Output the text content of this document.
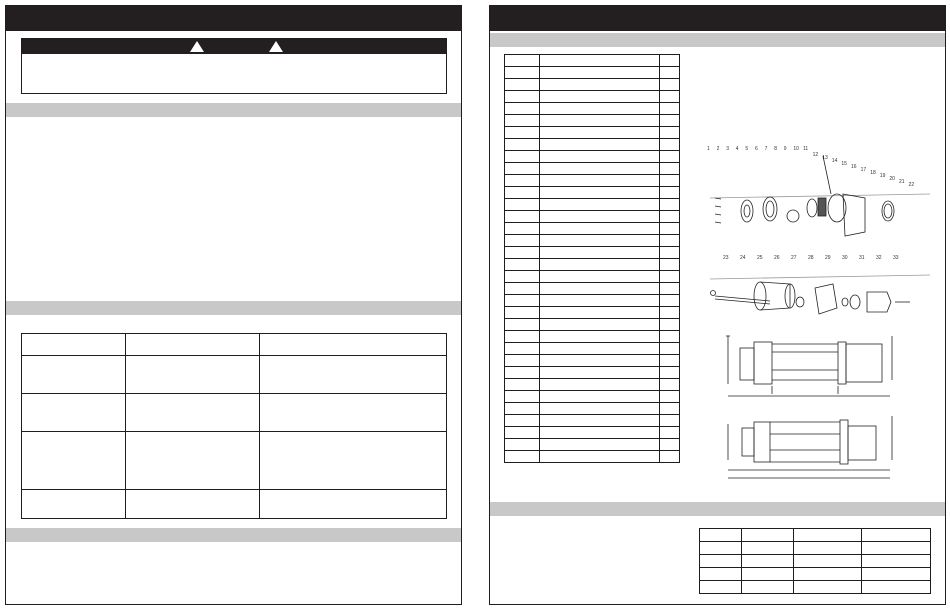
1 2 3 4 5 6 7 8 9 10 11
12 13 14 15 16 17 18 19 20 21 22
23 24 25 26 27 28 29 30 31 32 33
